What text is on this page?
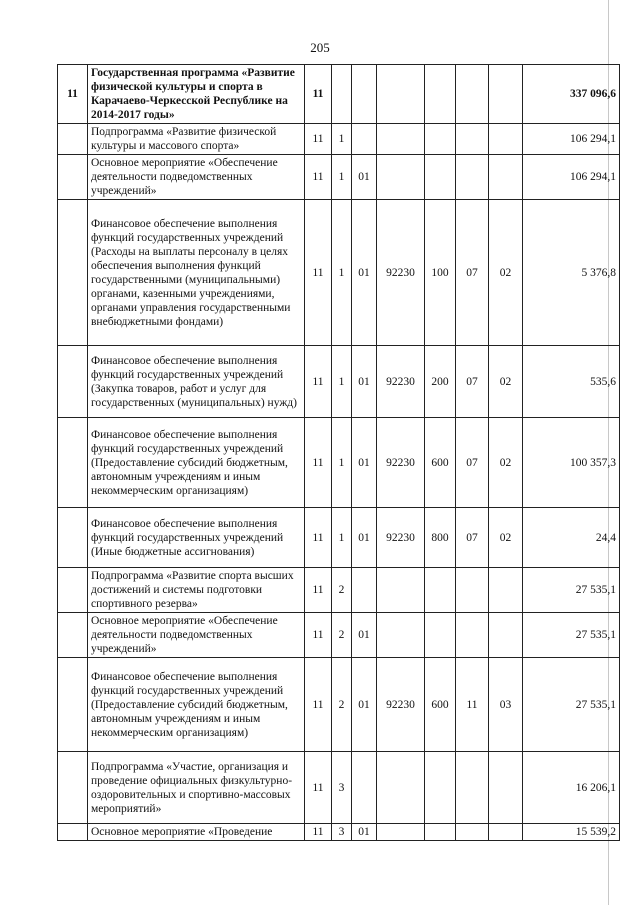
205
11	Государственная программа «Развитие физической культуры и спорта в Карачаево-Черкесской Республике на 2014-2017 годы»	11							337 096,6
	Подпрограмма «Развитие физической культуры и массового спорта»	11	1						106 294,1
	Основное мероприятие «Обеспечение деятельности подведомственных учреждений»	11	1	01					106 294,1
	Финансовое обеспечение выполнения функций государственных учреждений (Расходы на выплаты персоналу в целях обеспечения выполнения функций государственными (муниципальными) органами, казенными учреждениями, органами управления государственными внебюджетными фондами)	11	1	01	92230	100	07	02	5 376,8
	Финансовое обеспечение выполнения функций государственных учреждений (Закупка товаров, работ и услуг для государственных (муниципальных) нужд)	11	1	01	92230	200	07	02	535,6
	Финансовое обеспечение выполнения функций государственных учреждений (Предоставление субсидий бюджетным, автономным учреждениям и иным некоммерческим организациям)	11	1	01	92230	600	07	02	100 357,3
	Финансовое обеспечение выполнения функций государственных учреждений (Иные бюджетные ассигнования)	11	1	01	92230	800	07	02	24,4
	Подпрограмма «Развитие спорта высших достижений и системы подготовки спортивного резерва»	11	2						27 535,1
	Основное мероприятие «Обеспечение деятельности подведомственных учреждений»	11	2	01					27 535,1
	Финансовое обеспечение выполнения функций государственных учреждений (Предоставление субсидий бюджетным, автономным учреждениям и иным некоммерческим организациям)	11	2	01	92230	600	11	03	27 535,1
	Подпрограмма «Участие, организация и проведение официальных физкультурно-оздоровительных и спортивно-массовых мероприятий»	11	3						16 206,1
	Основное мероприятие «Проведение	11	3	01					15 539,2
